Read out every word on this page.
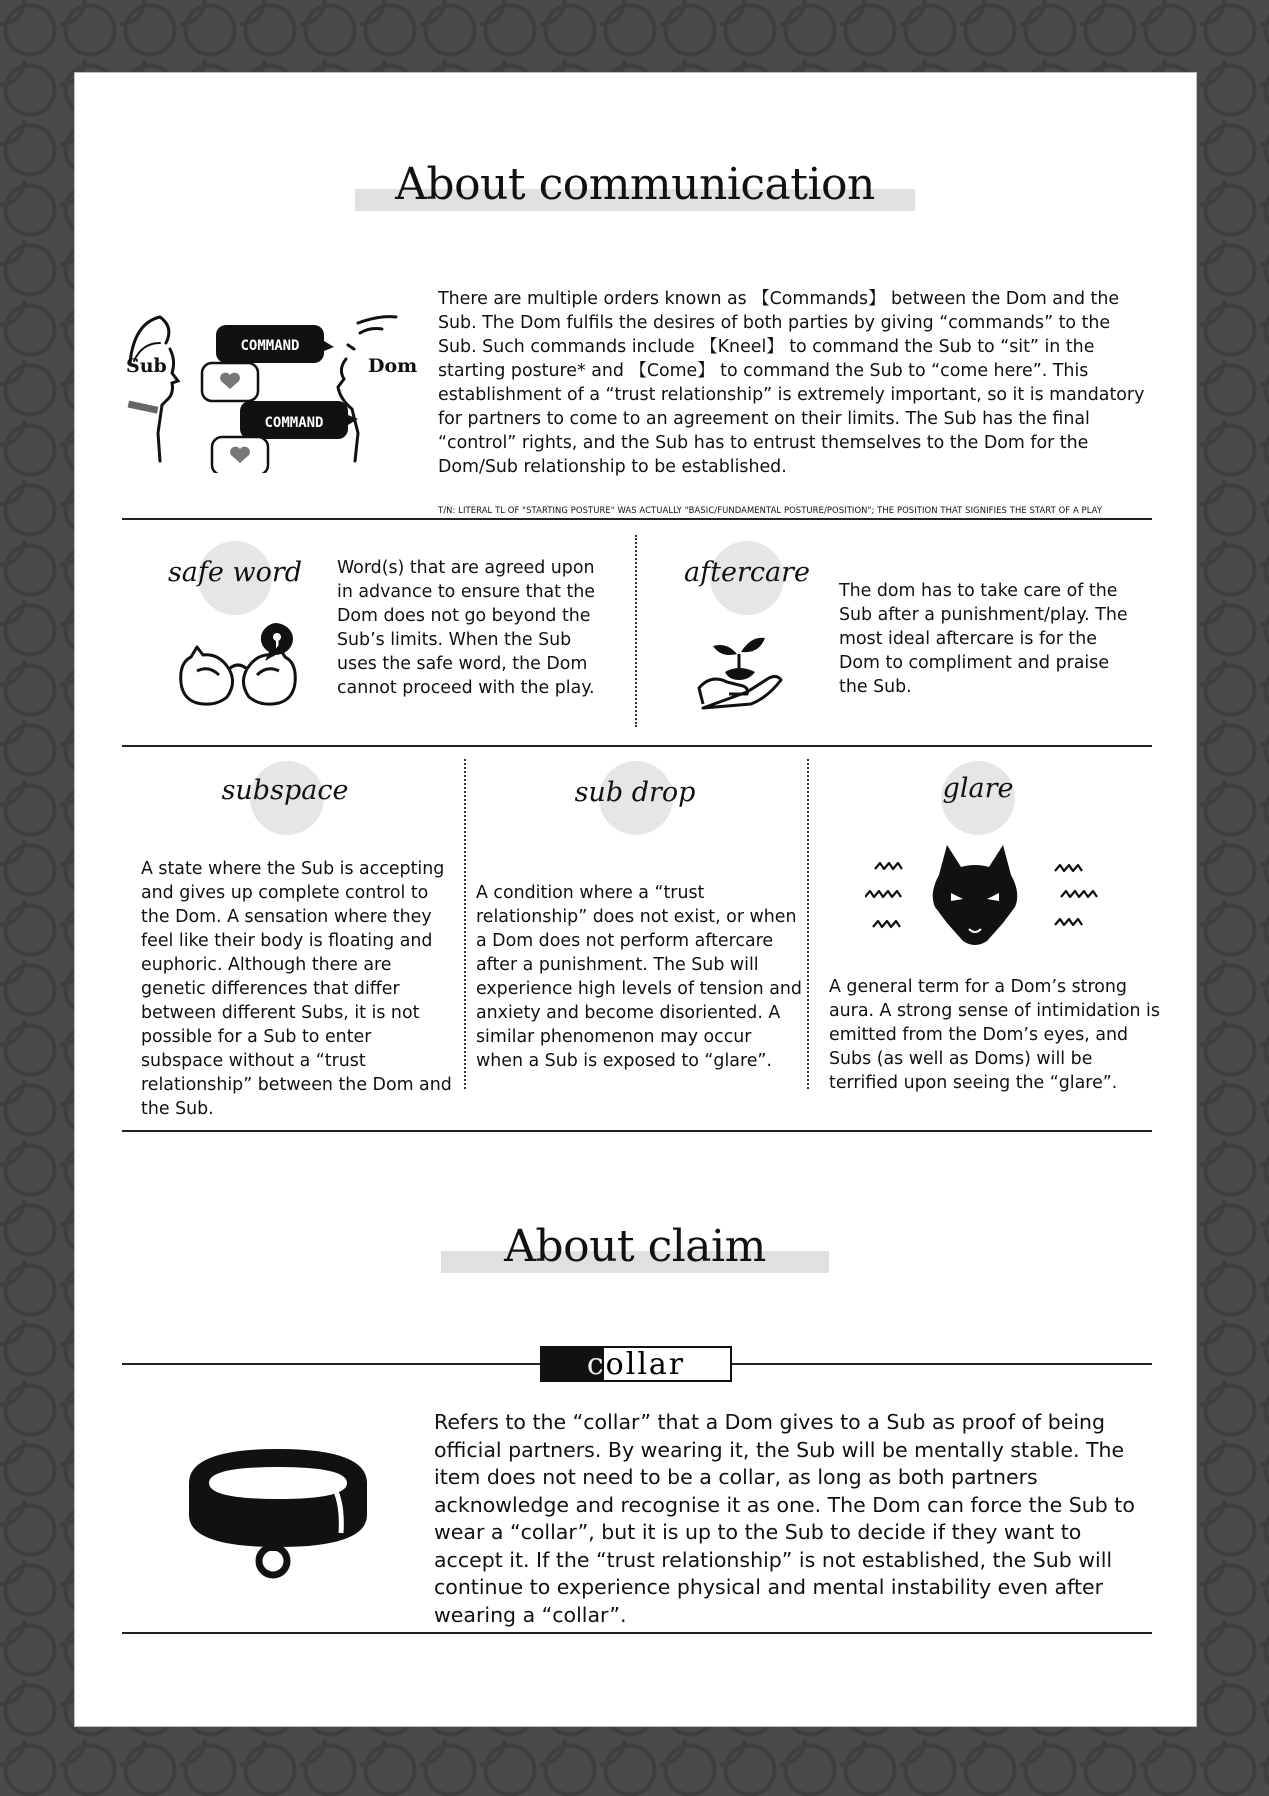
About communication
Sub	Dom
COMMAND
COMMAND
There are multiple orders known as 【Commands】 between the Dom and the Sub. The Dom fulfils the desires of both parties by giving “commands” to the Sub. Such commands include 【Kneel】 to command the Sub to “sit” in the starting posture* and 【Come】 to command the Sub to “come here”. This establishment of a “trust relationship” is extremely important, so it is mandatory for partners to come to an agreement on their limits. The Sub has the final “control” rights, and the Sub has to entrust themselves to the Dom for the Dom/Sub relationship to be established.
T/N: LITERAL TL OF "STARTING POSTURE" WAS ACTUALLY "BASIC/FUNDAMENTAL POSTURE/POSITION"; THE POSITION THAT SIGNIFIES THE START OF A PLAY
safe word	Word(s) that are agreed upon in advance to ensure that the Dom does not go beyond the Sub’s limits. When the Sub uses the safe word, the Dom cannot proceed with the play.
aftercare
The dom has to take care of the Sub after a punishment/play. The most ideal aftercare is for the Dom to compliment and praise the Sub.
subspace
A state where the Sub is accepting and gives up complete control to the Dom. A sensation where they feel like their body is floating and euphoric. Although there are genetic differences that differ between different Subs, it is not possible for a Sub to enter subspace without a “trust relationship” between the Dom and the Sub.
sub drop
A condition where a “trust relationship” does not exist, or when a Dom does not perform aftercare after a punishment. The Sub will experience high levels of tension and anxiety and become disoriented. A similar phenomenon may occur when a Sub is exposed to “glare”.
glare
A general term for a Dom’s strong aura. A strong sense of intimidation is emitted from the Dom’s eyes, and Subs (as well as Doms) will be terrified upon seeing the “glare”.
About claim
collar
Refers to the “collar” that a Dom gives to a Sub as proof of being official partners. By wearing it, the Sub will be mentally stable. The item does not need to be a collar, as long as both partners acknowledge and recognise it as one. The Dom can force the Sub to wear a “collar”, but it is up to the Sub to decide if they want to accept it. If the “trust relationship” is not established, the Sub will continue to experience physical and mental instability even after wearing a “collar”.
